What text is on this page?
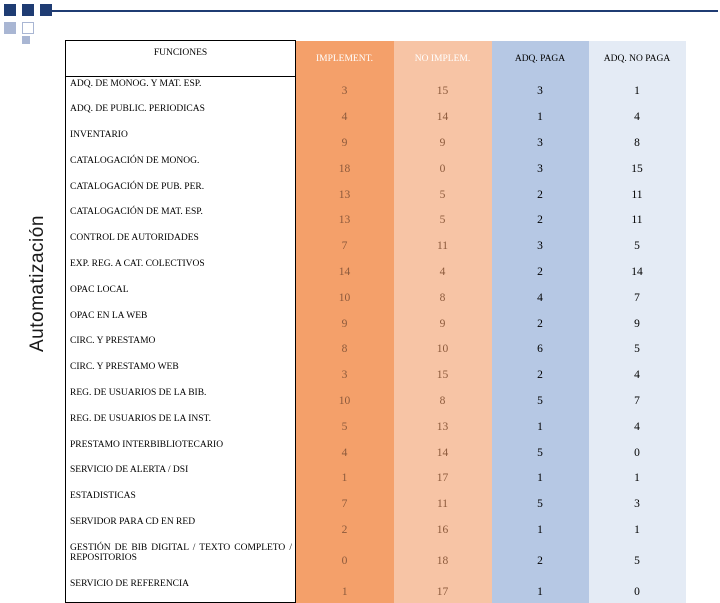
Automatización
FUNCIONES	IMPLEMENT.	NO IMPLEM.	ADQ. PAGA	ADQ. NO PAGA
ADQ. DE MONOG. Y MAT. ESP.	3	15	3	1
ADQ. DE PUBLIC. PERIODICAS	4	14	1	4
INVENTARIO	9	9	3	8
CATALOGACIÓN DE MONOG.	18	0	3	15
CATALOGACIÓN DE PUB. PER.	13	5	2	11
CATALOGACIÓN DE MAT. ESP.	13	5	2	11
CONTROL DE AUTORIDADES	7	11	3	5
EXP. REG. A CAT. COLECTIVOS	14	4	2	14
OPAC LOCAL	10	8	4	7
OPAC EN LA WEB	9	9	2	9
CIRC. Y PRESTAMO	8	10	6	5
CIRC. Y PRESTAMO WEB	3	15	2	4
REG. DE USUARIOS DE LA BIB.	10	8	5	7
REG. DE USUARIOS DE LA INST.	5	13	1	4
PRESTAMO INTERBIBLIOTECARIO	4	14	5	0
SERVICIO DE ALERTA / DSI	1	17	1	1
ESTADISTICAS	7	11	5	3
SERVIDOR PARA CD EN RED	2	16	1	1
GESTIÓN DE BIB DIGITAL / TEXTO COMPLETO / REPOSITORIOS	0	18	2	5
SERVICIO DE REFERENCIA	1	17	1	0
